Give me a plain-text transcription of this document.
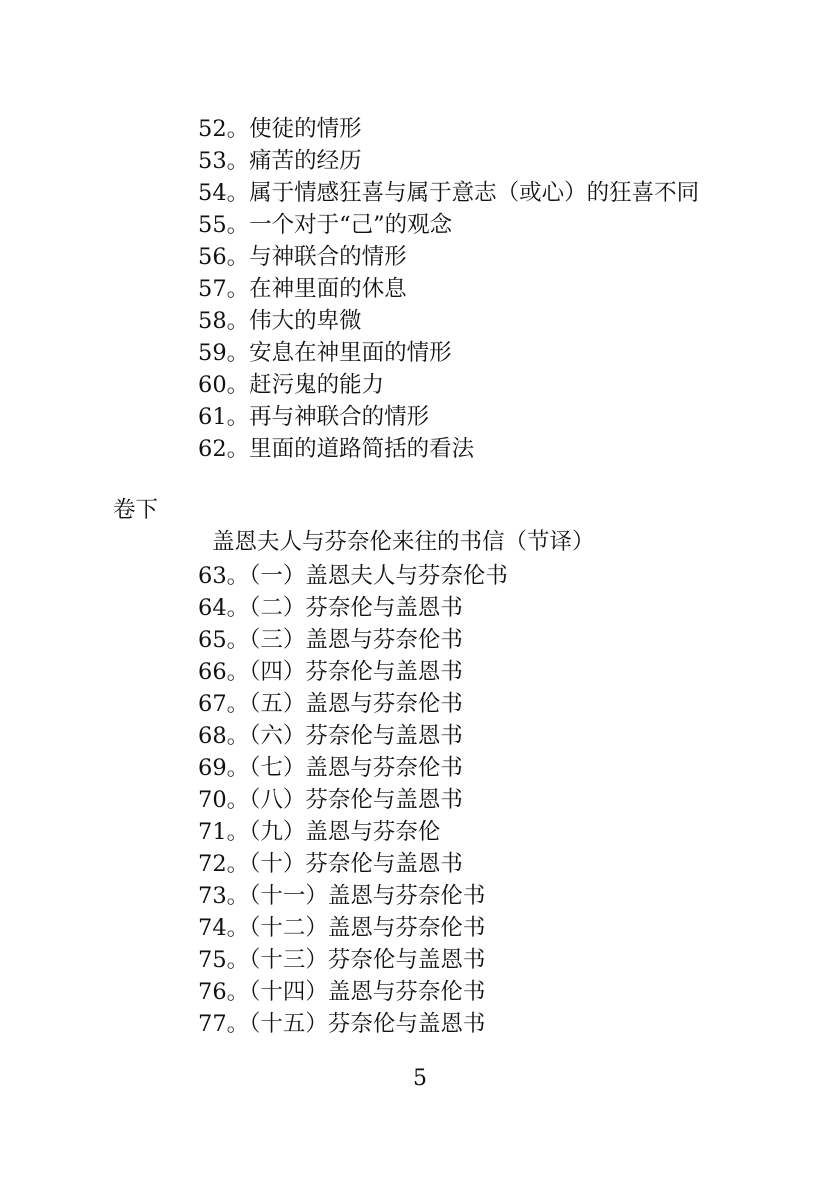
52。使徒的情形
53。痛苦的经历
54。属于情感狂喜与属于意志（或心）的狂喜不同
55。一个对于“己”的观念
56。与神联合的情形
57。在神里面的休息
58。伟大的卑微
59。安息在神里面的情形
60。赶污鬼的能力
61。再与神联合的情形
62。里面的道路简括的看法
卷下
盖恩夫人与芬奈伦来往的书信（节译）
63。（一）盖恩夫人与芬奈伦书
64。（二）芬奈伦与盖恩书
65。（三）盖恩与芬奈伦书
66。（四）芬奈伦与盖恩书
67。（五）盖恩与芬奈伦书
68。（六）芬奈伦与盖恩书
69。（七）盖恩与芬奈伦书
70。（八）芬奈伦与盖恩书
71。（九）盖恩与芬奈伦
72。（十）芬奈伦与盖恩书
73。（十一）盖恩与芬奈伦书
74。（十二）盖恩与芬奈伦书
75。（十三）芬奈伦与盖恩书
76。（十四）盖恩与芬奈伦书
77。（十五）芬奈伦与盖恩书
5
